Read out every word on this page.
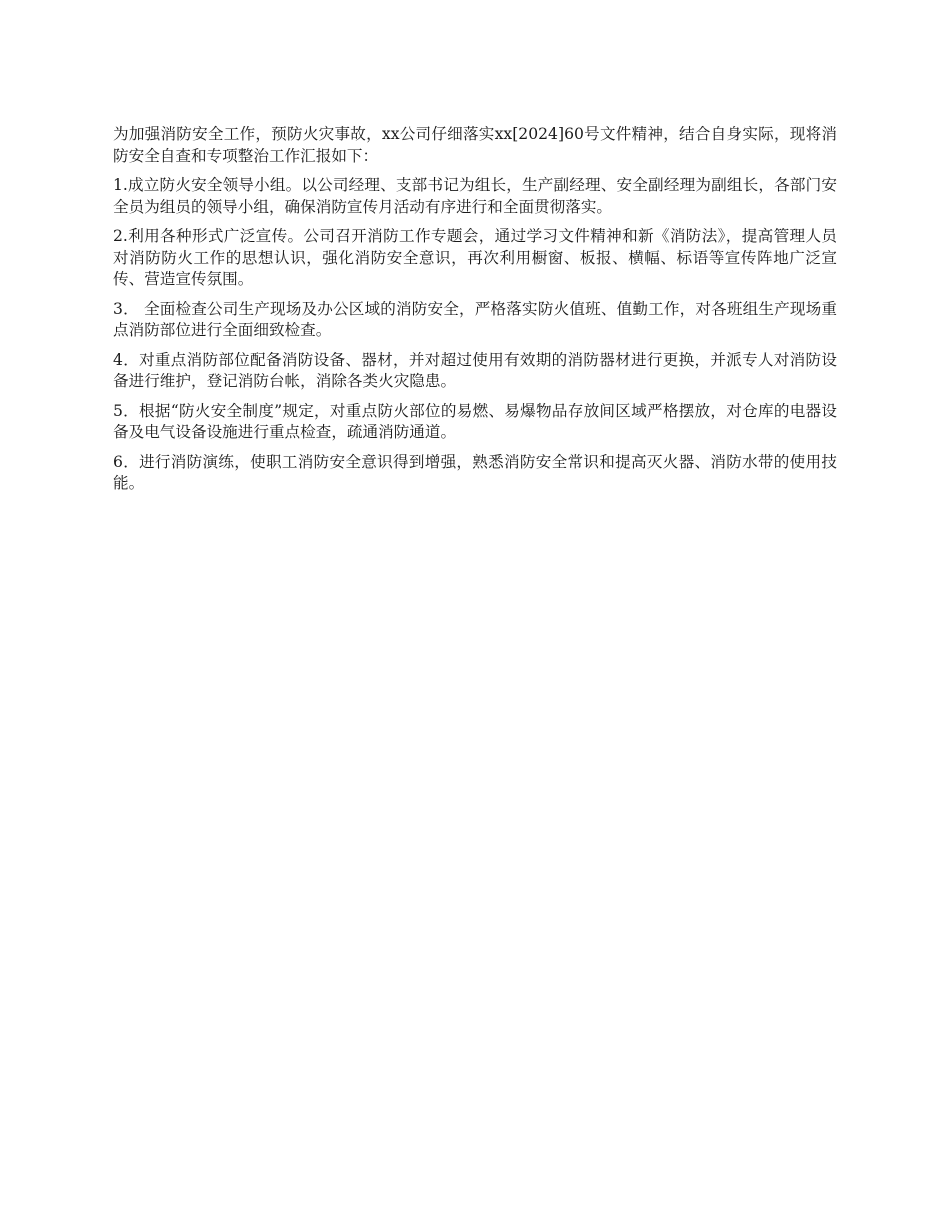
为加强消防安全工作，预防火灾事故，xx公司仔细落实xx[2024]60号文件精神，结合自身实际，现将消防安全自查和专项整治工作汇报如下：

1.成立防火安全领导小组。以公司经理、支部书记为组长，生产副经理、安全副经理为副组长，各部门安全员为组员的领导小组，确保消防宣传月活动有序进行和全面贯彻落实。

2.利用各种形式广泛宣传。公司召开消防工作专题会，通过学习文件精神和新《消防法》，提高管理人员对消防防火工作的思想认识，强化消防安全意识，再次利用橱窗、板报、横幅、标语等宣传阵地广泛宣传、营造宣传氛围。

3． 全面检查公司生产现场及办公区域的消防安全，严格落实防火值班、值勤工作，对各班组生产现场重点消防部位进行全面细致检查。

4．对重点消防部位配备消防设备、器材，并对超过使用有效期的消防器材进行更换，并派专人对消防设备进行维护，登记消防台帐，消除各类火灾隐患。

5．根据“防火安全制度”规定，对重点防火部位的易燃、易爆物品存放间区域严格摆放，对仓库的电器设备及电气设备设施进行重点检查，疏通消防通道。

6．进行消防演练，使职工消防安全意识得到增强，熟悉消防安全常识和提高灭火器、消防水带的使用技能。
